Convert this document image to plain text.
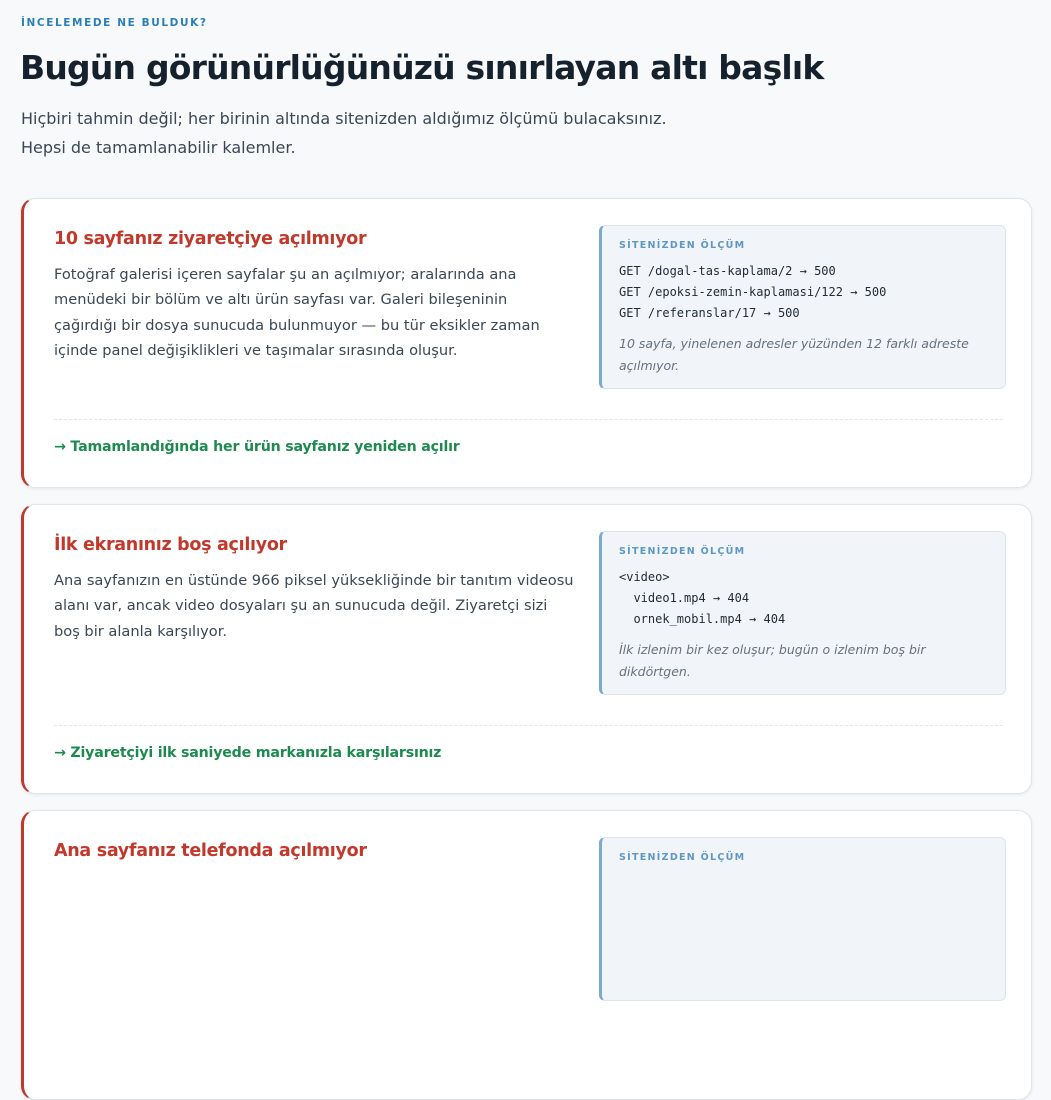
İNCELEMEDE NE BULDUK?
Bugün görünürlüğünüzü sınırlayan altı başlık
Hiçbiri tahmin değil; her birinin altında sitenizden aldığımız ölçümü bulacaksınız.
Hepsi de tamamlanabilir kalemler.
10 sayfanız ziyaretçiye açılmıyor
Fotoğraf galerisi içeren sayfalar şu an açılmıyor; aralarında ana menüdeki bir bölüm ve altı ürün sayfası var. Galeri bileşeninin çağırdığı bir dosya sunucuda bulunmuyor — bu tür eksikler zaman içinde panel değişiklikleri ve taşımalar sırasında oluşur.
SİTENİZDEN ÖLÇÜM
GET /dogal-tas-kaplama/2 → 500
GET /epoksi-zemin-kaplamasi/122 → 500
GET /referanslar/17 → 500
10 sayfa, yinelenen adresler yüzünden 12 farklı adreste açılmıyor.
→ Tamamlandığında her ürün sayfanız yeniden açılır
İlk ekranınız boş açılıyor
Ana sayfanızın en üstünde 966 piksel yüksekliğinde bir tanıtım videosu alanı var, ancak video dosyaları şu an sunucuda değil. Ziyaretçi sizi boş bir alanla karşılıyor.
SİTENİZDEN ÖLÇÜM
<video>
video1.mp4 → 404
ornek_mobil.mp4 → 404
İlk izlenim bir kez oluşur; bugün o izlenim boş bir dikdörtgen.
→ Ziyaretçiyi ilk saniyede markanızla karşılarsınız
Ana sayfanız telefonda açılmıyor	SİTENİZDEN ÖLÇÜM
